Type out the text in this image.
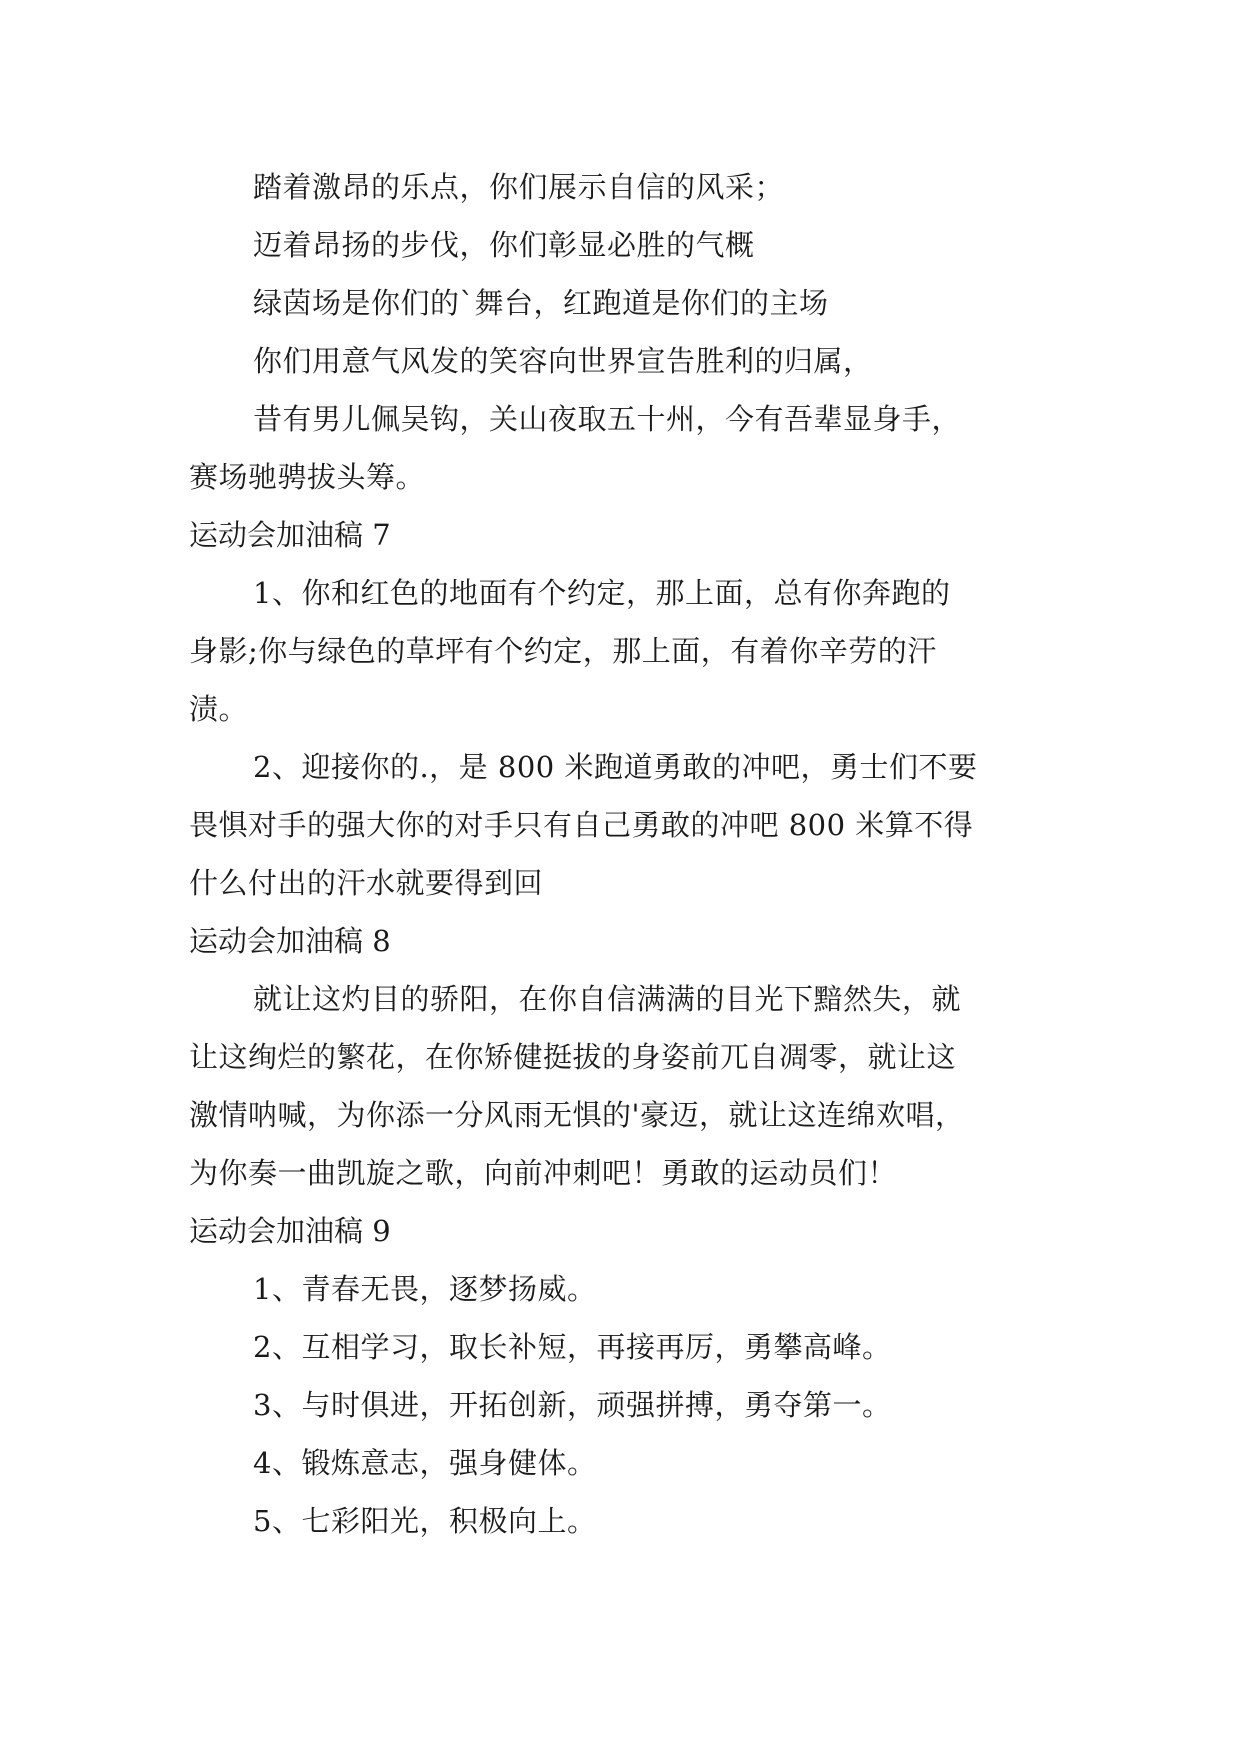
踏着激昂的乐点，你们展示自信的风采；
迈着昂扬的步伐，你们彰显必胜的气概
绿茵场是你们的`舞台，红跑道是你们的主场
你们用意气风发的笑容向世界宣告胜利的归属，
昔有男儿佩吴钩，关山夜取五十州，今有吾辈显身手，
赛场驰骋拔头筹。
运动会加油稿 7
1、你和红色的地面有个约定，那上面，总有你奔跑的
身影;你与绿色的草坪有个约定，那上面，有着你辛劳的汗
渍。
2、迎接你的.，是 800 米跑道勇敢的冲吧，勇士们不要
畏惧对手的强大你的对手只有自己勇敢的冲吧 800 米算不得
什么付出的汗水就要得到回
运动会加油稿 8
就让这灼目的骄阳，在你自信满满的目光下黯然失，就
让这绚烂的繁花，在你矫健挺拔的身姿前兀自凋零，就让这
激情呐喊，为你添一分风雨无惧的'豪迈，就让这连绵欢唱，
为你奏一曲凯旋之歌，向前冲刺吧！勇敢的运动员们！
运动会加油稿 9
1、青春无畏，逐梦扬威。
2、互相学习，取长补短，再接再厉，勇攀高峰。
3、与时俱进，开拓创新，顽强拼搏，勇夺第一。
4、锻炼意志，强身健体。
5、七彩阳光，积极向上。
